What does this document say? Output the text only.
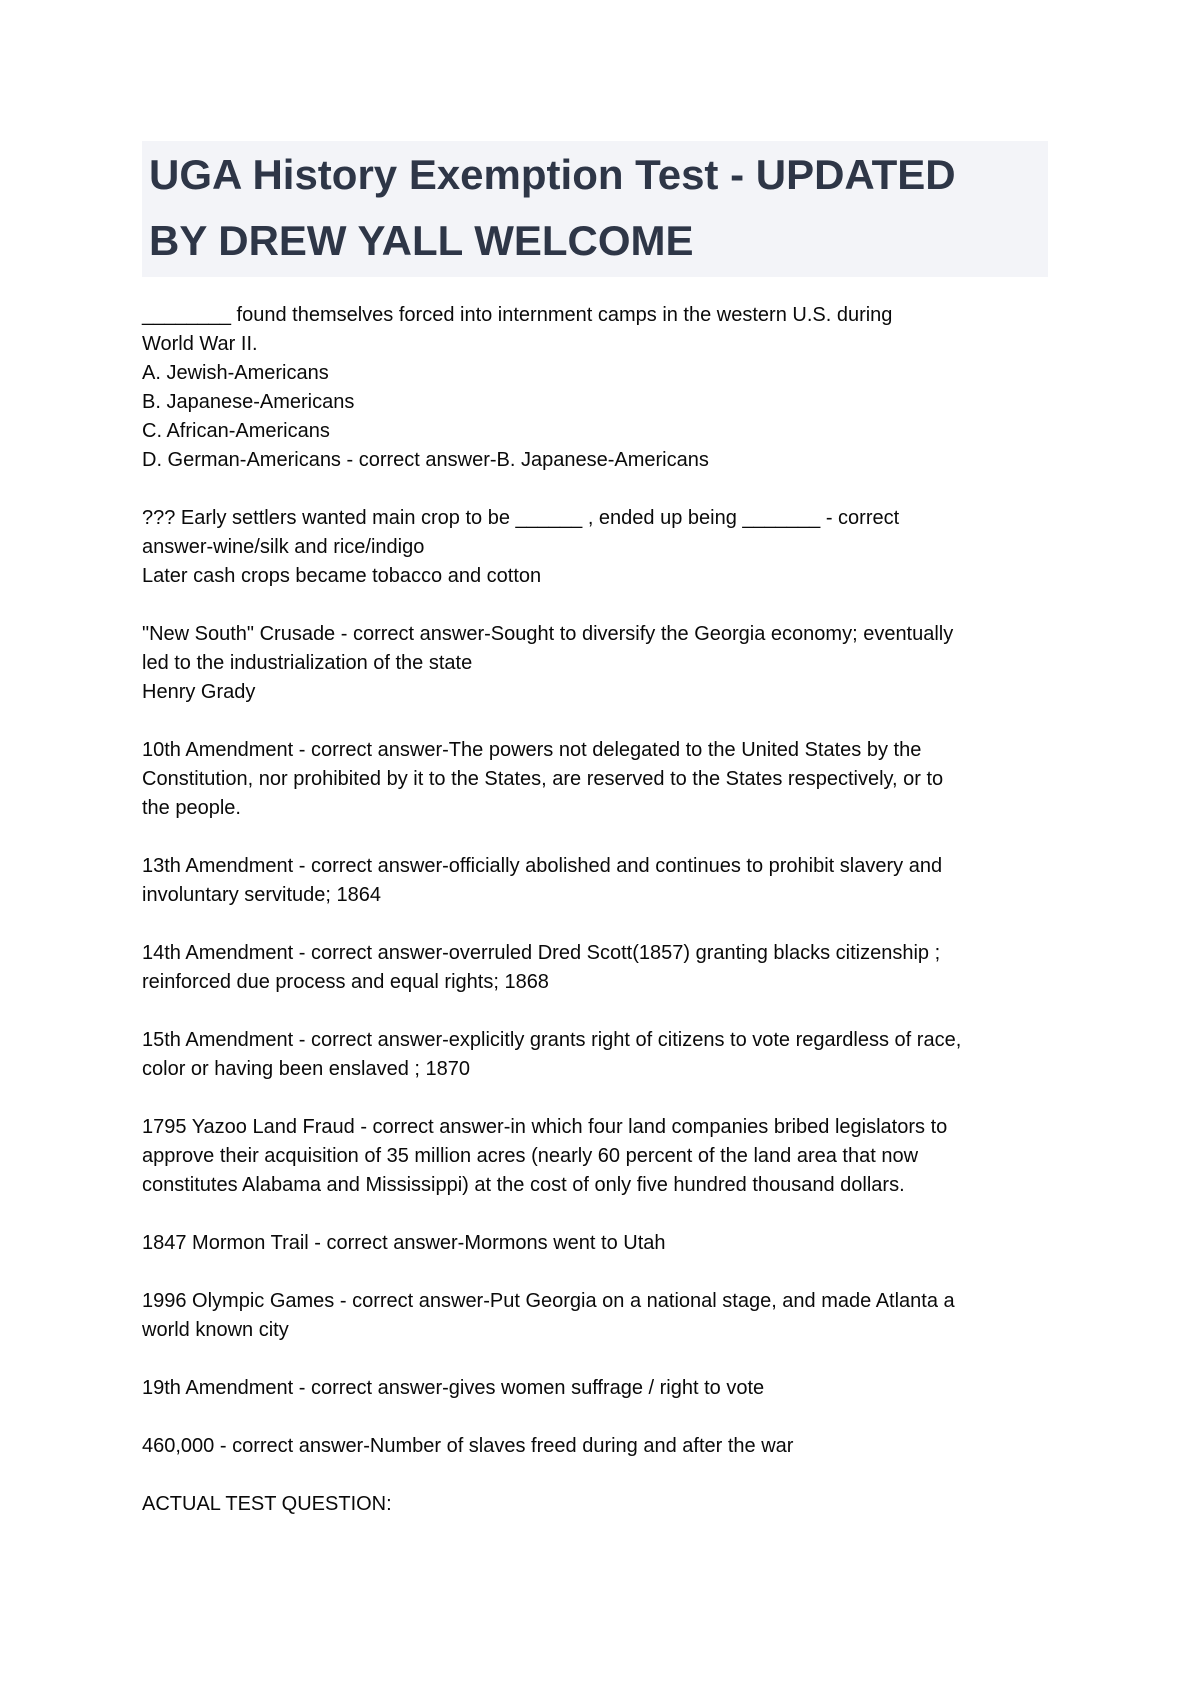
UGA History Exemption Test - UPDATED
BY DREW YALL WELCOME
________ found themselves forced into internment camps in the western U.S. during
World War II.
A. Jewish-Americans
B. Japanese-Americans
C. African-Americans
D. German-Americans - correct answer-B. Japanese-Americans
??? Early settlers wanted main crop to be ______ , ended up being _______ - correct
answer-wine/silk and rice/indigo
Later cash crops became tobacco and cotton
"New South" Crusade - correct answer-Sought to diversify the Georgia economy; eventually
led to the industrialization of the state
Henry Grady
10th Amendment - correct answer-The powers not delegated to the United States by the
Constitution, nor prohibited by it to the States, are reserved to the States respectively, or to
the people.
13th Amendment - correct answer-officially abolished and continues to prohibit slavery and
involuntary servitude; 1864
14th Amendment - correct answer-overruled Dred Scott(1857) granting blacks citizenship ;
reinforced due process and equal rights; 1868
15th Amendment - correct answer-explicitly grants right of citizens to vote regardless of race,
color or having been enslaved ; 1870
1795 Yazoo Land Fraud - correct answer-in which four land companies bribed legislators to
approve their acquisition of 35 million acres (nearly 60 percent of the land area that now
constitutes Alabama and Mississippi) at the cost of only five hundred thousand dollars.
1847 Mormon Trail - correct answer-Mormons went to Utah
1996 Olympic Games - correct answer-Put Georgia on a national stage, and made Atlanta a
world known city
19th Amendment - correct answer-gives women suffrage / right to vote
460,000 - correct answer-Number of slaves freed during and after the war
ACTUAL TEST QUESTION:
